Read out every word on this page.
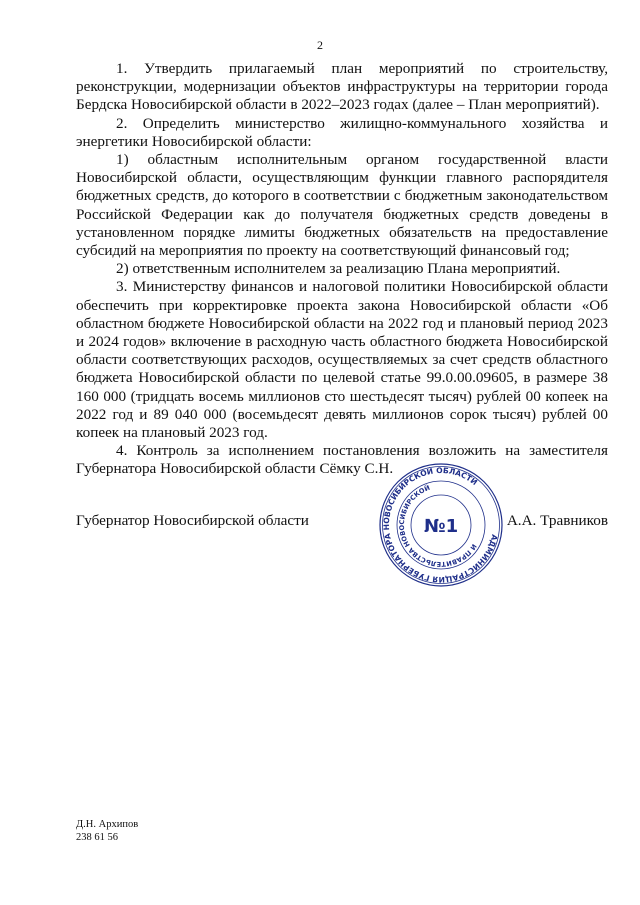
2

1. Утвердить прилагаемый план мероприятий по строительству, реконструкции, модернизации объектов инфраструктуры на территории города Бердска Новосибирской области в 2022–2023 годах (далее – План мероприятий).

2. Определить министерство жилищно-коммунального хозяйства и энергетики Новосибирской области:

1) областным исполнительным органом государственной власти Новосибирской области, осуществляющим функции главного распорядителя бюджетных средств, до которого в соответствии с бюджетным законодательством Российской Федерации как до получателя бюджетных средств доведены в установленном порядке лимиты бюджетных обязательств на предоставление субсидий на мероприятия по проекту на соответствующий финансовый год;

2) ответственным исполнителем за реализацию Плана мероприятий.

3. Министерству финансов и налоговой политики Новосибирской области обеспечить при корректировке проекта закона Новосибирской области «Об областном бюджете Новосибирской области на 2022 год и плановый период 2023 и 2024 годов» включение в расходную часть областного бюджета Новосибирской области соответствующих расходов, осуществляемых за счет средств областного бюджета Новосибирской области по целевой статье 99.0.00.09605, в размере 38 160 000 (тридцать восемь миллионов сто шестьдесят тысяч) рублей 00 копеек на 2022 год и 89 040 000 (восемьдесят девять миллионов сорок тысяч) рублей 00 копеек на плановый 2023 год.

4. Контроль за исполнением постановления возложить на заместителя Губернатора Новосибирской области Сёмку С.Н.

Губернатор Новосибирской области
АДМИНИСТРАЦИЯ ГУБЕРНАТОРА НОВОСИБИРСКОЙ ОБЛАСТИ
И ПРАВИТЕЛЬСТВА НОВОСИБИРСКОЙ
№1	А.А. Травников
Д.Н. Архипов
238 61 56
